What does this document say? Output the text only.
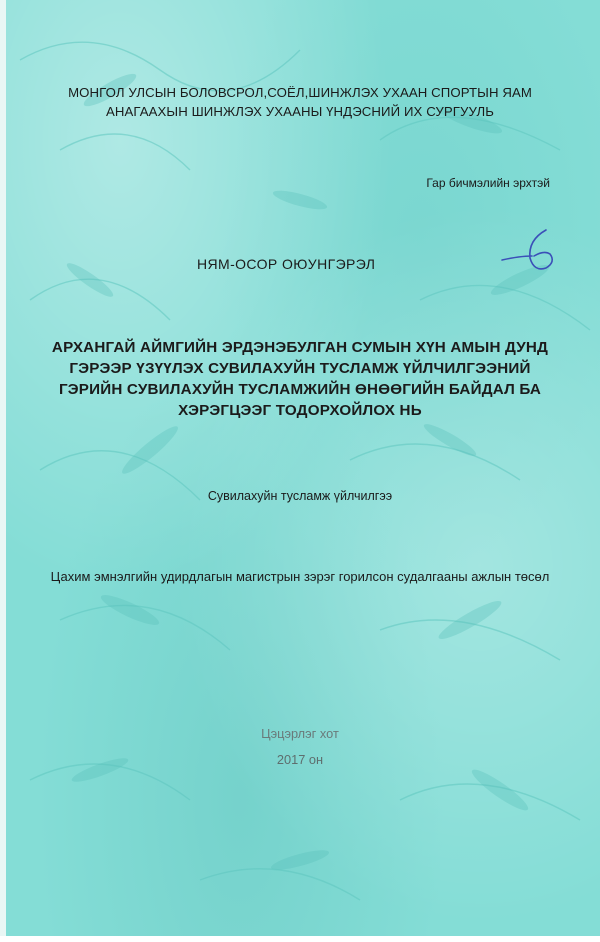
МОНГОЛ УЛСЫН БОЛОВСРОЛ,СОЁЛ,ШИНЖЛЭХ УХААН СПОРТЫН ЯАМ
АНАГААХЫН ШИНЖЛЭХ УХААНЫ ҮНДЭСНИЙ ИХ СУРГУУЛЬ
Гар бичмэлийн эрхтэй
НЯМ-ОСОР ОЮУНГЭРЭЛ
АРХАНГАЙ АЙМГИЙН ЭРДЭНЭБУЛГАН СУМЫН ХҮН АМЫН ДУНД
ГЭРЭЭР ҮЗҮҮЛЭХ СУВИЛАХУЙН ТУСЛАМЖ ҮЙЛЧИЛГЭЭНИЙ
ГЭРИЙН СУВИЛАХУЙН ТУСЛАМЖИЙН ӨНӨӨГИЙН БАЙДАЛ БА
ХЭРЭГЦЭЭГ ТОДОРХОЙЛОХ НЬ
Сувилахуйн тусламж үйлчилгээ
Цахим эмнэлгийн удирдлагын магистрын зэрэг горилсон судалгааны ажлын төсөл
Цэцэрлэг хот
2017 он
